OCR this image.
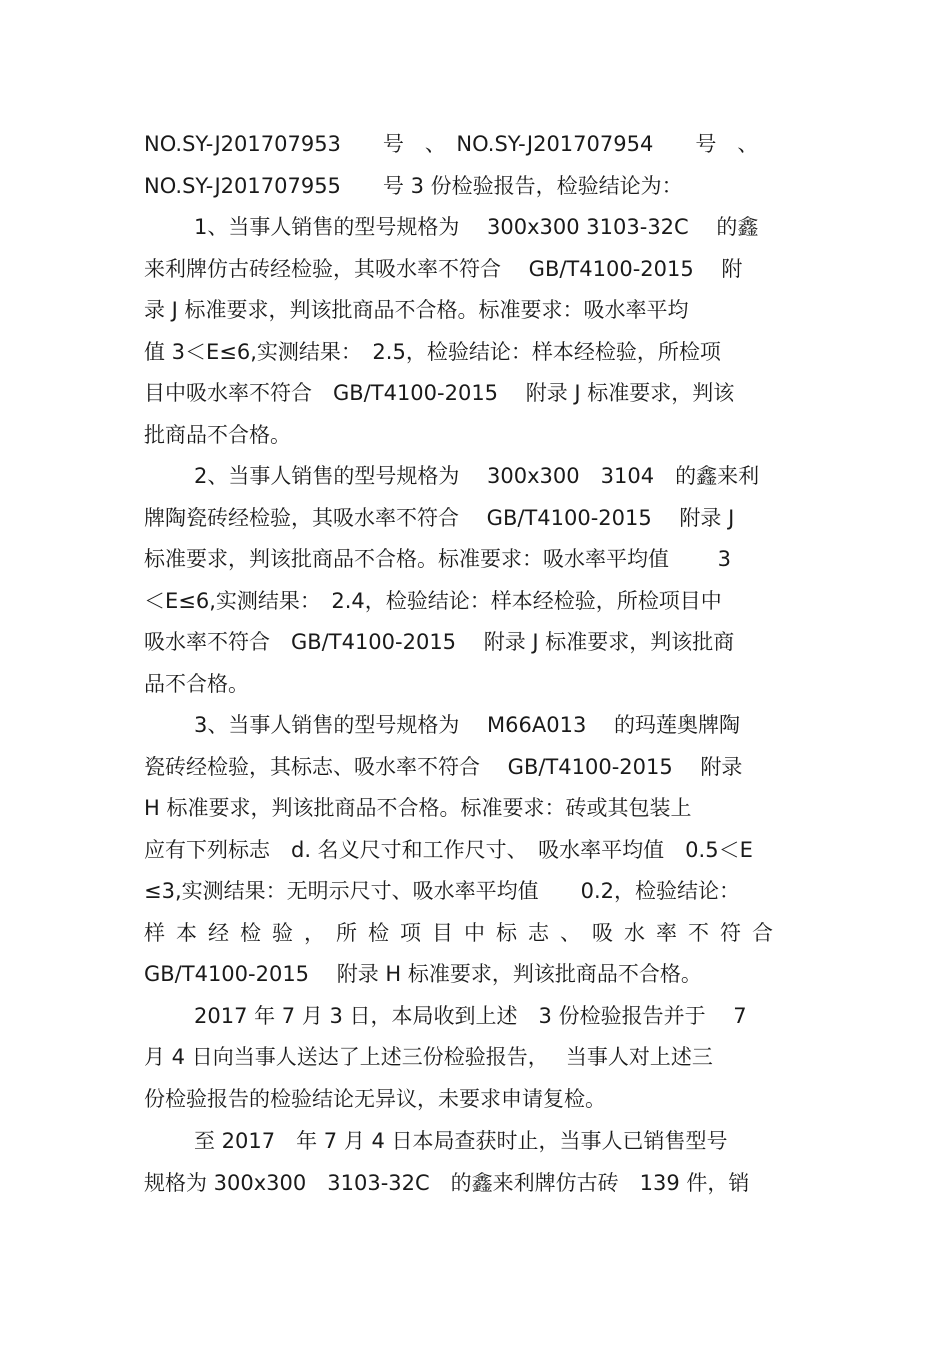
NO.SY-J201707953　　号　、　NO.SY-J201707954　　号　、
NO.SY-J201707955　　号 3 份检验报告，检验结论为：
1、当事人销售的型号规格为　 300x300 3103-32C　 的鑫
来利牌仿古砖经检验，其吸水率不符合　 GB/T4100-2015　 附
录 J 标准要求，判该批商品不合格。标准要求：吸水率平均
值 3＜E≤6,实测结果：　2.5，检验结论：样本经检验，所检项
目中吸水率不符合　GB/T4100-2015　 附录 J 标准要求，判该
批商品不合格。
2、当事人销售的型号规格为　 300x300　3104　的鑫来利
牌陶瓷砖经检验，其吸水率不符合　 GB/T4100-2015　 附录 J
标准要求，判该批商品不合格。标准要求：吸水率平均值　　 3
＜E≤6,实测结果：　2.4，检验结论：样本经检验，所检项目中
吸水率不符合　GB/T4100-2015　 附录 J 标准要求，判该批商
品不合格。
3、当事人销售的型号规格为　 M66A013　 的玛莲奥牌陶
瓷砖经检验，其标志、吸水率不符合　 GB/T4100-2015　 附录
H 标准要求，判该批商品不合格。标准要求：砖或其包装上
应有下列标志　d. 名义尺寸和工作尺寸、　吸水率平均值　0.5＜E
≤3,实测结果：无明示尺寸、吸水率平均值　　0.2，检验结论：
样本经检验，所检项目中标志、吸水率不符合
GB/T4100-2015　 附录 H 标准要求，判该批商品不合格。
2017 年 7 月 3 日，本局收到上述　3 份检验报告并于　 7
月 4 日向当事人送达了上述三份检验报告，　 当事人对上述三
份检验报告的检验结论无异议，未要求申请复检。
至 2017　年 7 月 4 日本局查获时止，当事人已销售型号
规格为 300x300　3103-32C　的鑫来利牌仿古砖　139 件，销
